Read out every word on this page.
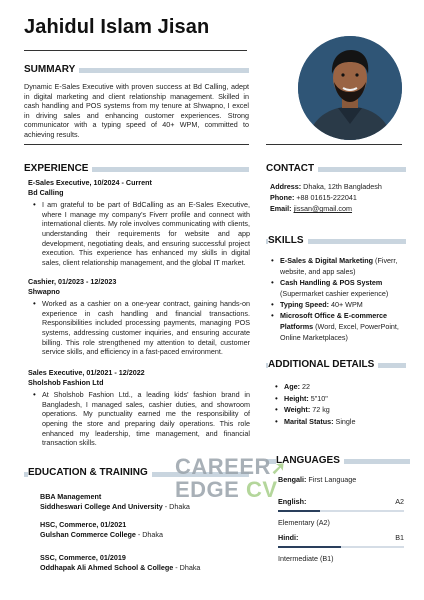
Jahidul Islam Jisan
SUMMARY
Dynamic E-Sales Executive with proven success at Bd Calling, adept in digital marketing and client relationship management. Skilled in cash handling and POS systems from my tenure at Shwapno, I excel in driving sales and enhancing customer experiences. Strong communicator with a typing speed of 40+ WPM, committed to achieving results.
EXPERIENCE
E-Sales Executive, 10/2024 - Current
Bd Calling
• I am grateful to be part of BdCalling as an E-Sales Executive, where I manage my company's Fiverr profile and connect with international clients. My role involves communicating with clients, understanding their requirements for website and app development, negotiating deals, and ensuring successful project execution. This experience has enhanced my skills in digital sales, client relationship management, and the global IT market.
Cashier, 01/2023 - 12/2023
Shwapno
• Worked as a cashier on a one-year contract, gaining hands-on experience in cash handling and financial transactions. Responsibilities included processing payments, managing POS systems, addressing customer inquiries, and ensuring accurate billing. This role strengthened my attention to detail, customer service skills, and efficiency in a fast-paced environment.
Sales Executive, 01/2021 - 12/2022
Sholshob Fashion Ltd
• At Sholshob Fashion Ltd., a leading kids' fashion brand in Bangladesh, I managed sales, cashier duties, and showroom operations. My punctuality earned me the responsibility of opening the store and preparing daily operations. This role enhanced my leadership, time management, and financial transaction skills.
EDUCATION & TRAINING
BBA Management
Siddheswari College And University - Dhaka
HSC, Commerce, 01/2021
Gulshan Commerce College - Dhaka
SSC, Commerce, 01/2019
Oddhapak Ali Ahmed School & College - Dhaka
CONTACT
Address: Dhaka, 12th Bangladesh
Phone: +88 01615-222041
Email: jissan@gmail.com
SKILLS
• E-Sales & Digital Marketing (Fiverr, website, and app sales)
• Cash Handling & POS System (Supermarket cashier experience)
• Typing Speed: 40+ WPM
• Microsoft Office & E-commerce Platforms (Word, Excel, PowerPoint, Online Marketplaces)
ADDITIONAL DETAILS
• Age: 22
• Height: 5"10"
• Weight: 72 kg
• Marital Status: Single
LANGUAGES
Bengali: First Language
English:	A2
Elementary (A2)
Hindi:	B1
Intermediate (B1)
CAREER➚
EDGE CV
